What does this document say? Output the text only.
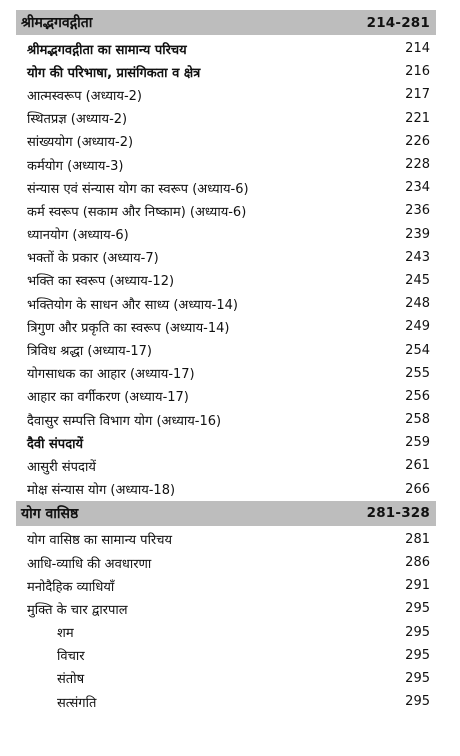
श्रीमद्भगवद्गीता	214-281
श्रीमद्भगवद्गीता का सामान्य परिचय	214
योग की परिभाषा, प्रासंगिकता व क्षेत्र	216
आत्मस्वरूप (अध्याय-2)	217
स्थितप्रज्ञ (अध्याय-2)	221
सांख्ययोग (अध्याय-2)	226
कर्मयोग (अध्याय-3)	228
संन्यास एवं संन्यास योग का स्वरूप (अध्याय-6)	234
कर्म स्वरूप (सकाम और निष्काम) (अध्याय-6)	236
ध्यानयोग (अध्याय-6)	239
भक्तों के प्रकार (अध्याय-7)	243
भक्ति का स्वरूप (अध्याय-12)	245
भक्तियोग के साधन और साध्य (अध्याय-14)	248
त्रिगुण और प्रकृति का स्वरूप (अध्याय-14)	249
त्रिविध श्रद्धा (अध्याय-17)	254
योगसाधक का आहार (अध्याय-17)	255
आहार का वर्गीकरण (अध्याय-17)	256
दैवासुर सम्पत्ति विभाग योग (अध्याय-16)	258
दैवी संपदायें	259
आसुरी संपदायें	261
मोक्ष संन्यास योग (अध्याय-18)	266
योग वासिष्ठ	281-328
योग वासिष्ठ का सामान्य परिचय	281
आधि-व्याधि की अवधारणा	286
मनोदैहिक व्याधियाँ	291
मुक्ति के चार द्वारपाल	295
शम	295
विचार	295
संतोष	295
सत्संगति	295
